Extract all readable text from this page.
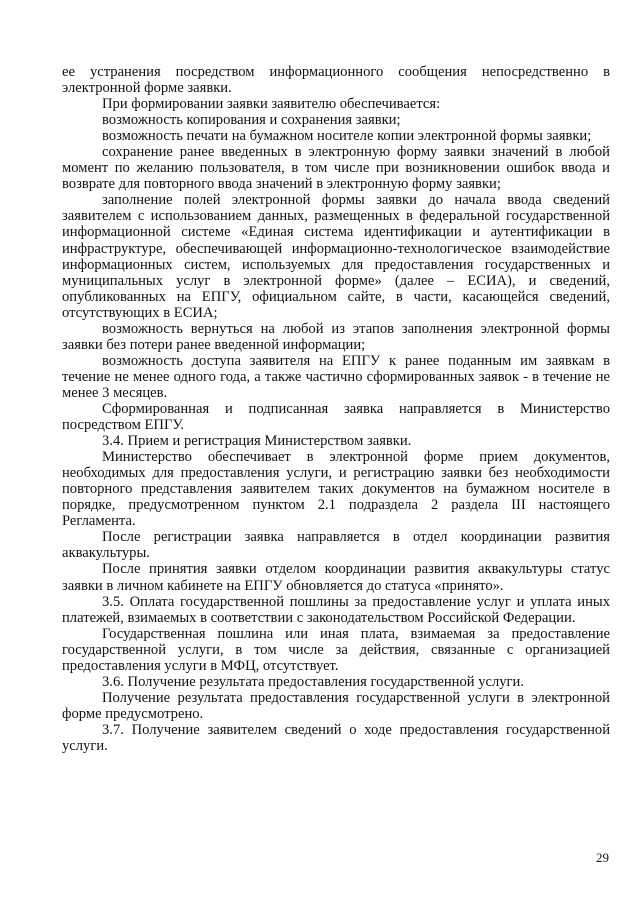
ее устранения посредством информационного сообщения непосредственно в электронной форме заявки.

При формировании заявки заявителю обеспечивается:

возможность копирования и сохранения заявки;

возможность печати на бумажном носителе копии электронной формы заявки;

сохранение ранее введенных в электронную форму заявки значений в любой момент по желанию пользователя, в том числе при возникновении ошибок ввода и возврате для повторного ввода значений в электронную форму заявки;

заполнение полей электронной формы заявки до начала ввода сведений заявителем с использованием данных, размещенных в федеральной государственной информационной системе «Единая система идентификации и аутентификации в инфраструктуре, обеспечивающей информационно-технологическое взаимодействие информационных систем, используемых для предоставления государственных и муниципальных услуг в электронной форме» (далее – ЕСИА), и сведений, опубликованных на ЕПГУ, официальном сайте, в части, касающейся сведений, отсутствующих в ЕСИА;

возможность вернуться на любой из этапов заполнения электронной формы заявки без потери ранее введенной информации;

возможность доступа заявителя на ЕПГУ к ранее поданным им заявкам в течение не менее одного года, а также частично сформированных заявок - в течение не менее 3 месяцев.

Сформированная и подписанная заявка направляется в Министерство посредством ЕПГУ.

3.4. Прием и регистрация Министерством заявки.

Министерство обеспечивает в электронной форме прием документов, необходимых для предоставления услуги, и регистрацию заявки без необходимости повторного представления заявителем таких документов на бумажном носителе в порядке, предусмотренном пунктом 2.1 подраздела 2 раздела III настоящего Регламента.

После регистрации заявка направляется в отдел координации развития аквакультуры.

После принятия заявки отделом координации развития аквакультуры статус заявки в личном кабинете на ЕПГУ обновляется до статуса «принято».

3.5. Оплата государственной пошлины за предоставление услуг и уплата иных платежей, взимаемых в соответствии с законодательством Российской Федерации.

Государственная пошлина или иная плата, взимаемая за предоставление государственной услуги, в том числе за действия, связанные с организацией предоставления услуги в МФЦ, отсутствует.

3.6. Получение результата предоставления государственной услуги.

Получение результата предоставления государственной услуги в электронной форме предусмотрено.

3.7. Получение заявителем сведений о ходе предоставления государственной услуги.

29
